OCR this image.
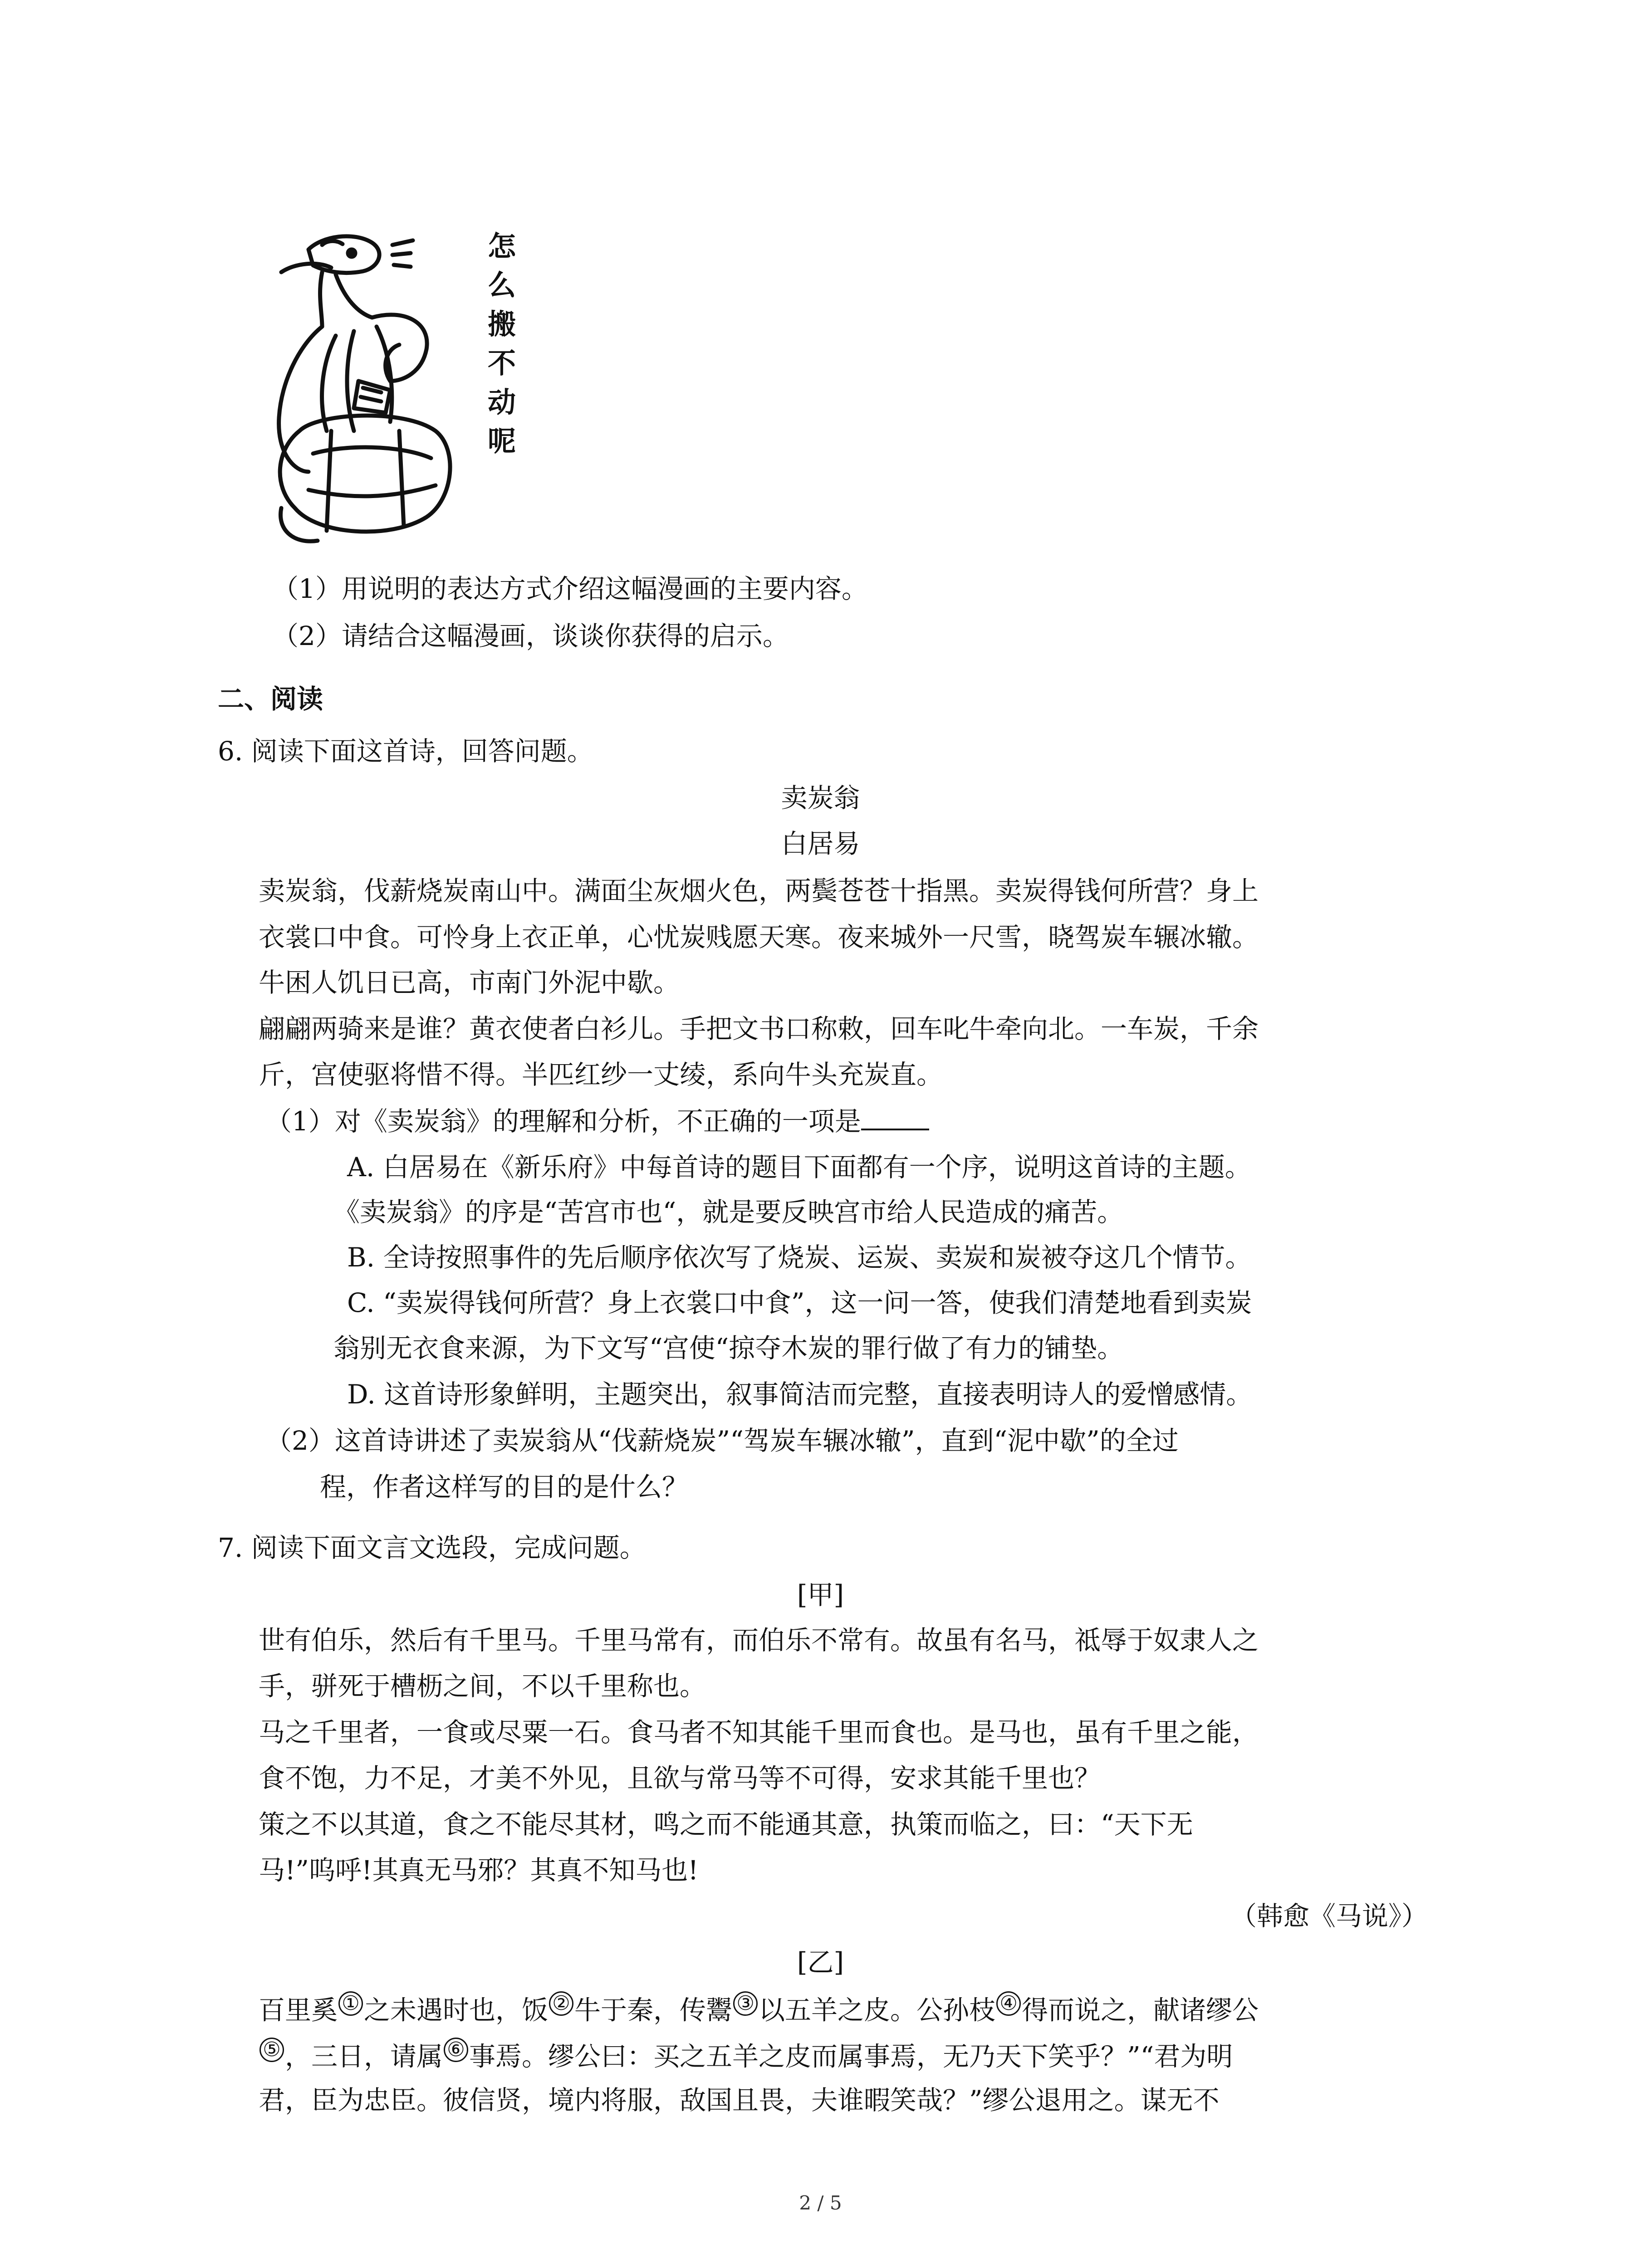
怎
么
搬
不
动
呢
（1）用说明的表达方式介绍这幅漫画的主要内容。
（2）请结合这幅漫画，谈谈你获得的启示。
二、阅读
6. 阅读下面这首诗，回答问题。
卖炭翁
白居易
卖炭翁，伐薪烧炭南山中。满面尘灰烟火色，两鬓苍苍十指黑。卖炭得钱何所营？身上
衣裳口中食。可怜身上衣正单，心忧炭贱愿天寒。夜来城外一尺雪，晓驾炭车辗冰辙。
牛困人饥日已高，市南门外泥中歇。
翩翩两骑来是谁？黄衣使者白衫儿。手把文书口称敕，回车叱牛牵向北。一车炭，千余
斤，宫使驱将惜不得。半匹红纱一丈绫，系向牛头充炭直。
（1）对《卖炭翁》的理解和分析，不正确的一项是
A. 白居易在《新乐府》中每首诗的题目下面都有一个序，说明这首诗的主题。
《卖炭翁》的序是“苦宫市也“，就是要反映宫市给人民造成的痛苦。
B. 全诗按照事件的先后顺序依次写了烧炭、运炭、卖炭和炭被夺这几个情节。
C. “卖炭得钱何所营？身上衣裳口中食”，这一问一答，使我们清楚地看到卖炭
翁别无衣食来源，为下文写“宫使“掠夺木炭的罪行做了有力的铺垫。
D. 这首诗形象鲜明，主题突出，叙事简洁而完整，直接表明诗人的爱憎感情。
（2）这首诗讲述了卖炭翁从“伐薪烧炭”“驾炭车辗冰辙”，直到“泥中歇”的全过
程，作者这样写的目的是什么？
7. 阅读下面文言文选段，完成问题。
[甲]
世有伯乐，然后有千里马。千里马常有，而伯乐不常有。故虽有名马，祗辱于奴隶人之
手，骈死于槽枥之间，不以千里称也。
马之千里者，一食或尽粟一石。食马者不知其能千里而食也。是马也，虽有千里之能，
食不饱，力不足，才美不外见，且欲与常马等不可得，安求其能千里也？
策之不以其道，食之不能尽其材，鸣之而不能通其意，执策而临之，曰：“天下无
马!”呜呼!其真无马邪？其真不知马也!
（韩愈《马说》）
[乙]
百里奚 ① 之未遇时也，饭 ② 牛于秦，传鬻 ③ 以五羊之皮。公孙枝 ④ 得而说之，献诸缪公
⑤ ，三日，请属 ⑥ 事焉。缪公曰：买之五羊之皮而属事焉，无乃天下笑乎？”“君为明
君，臣为忠臣。彼信贤，境内将服，敌国且畏，夫谁暇笑哉？”缪公退用之。谋无不
2 / 5
